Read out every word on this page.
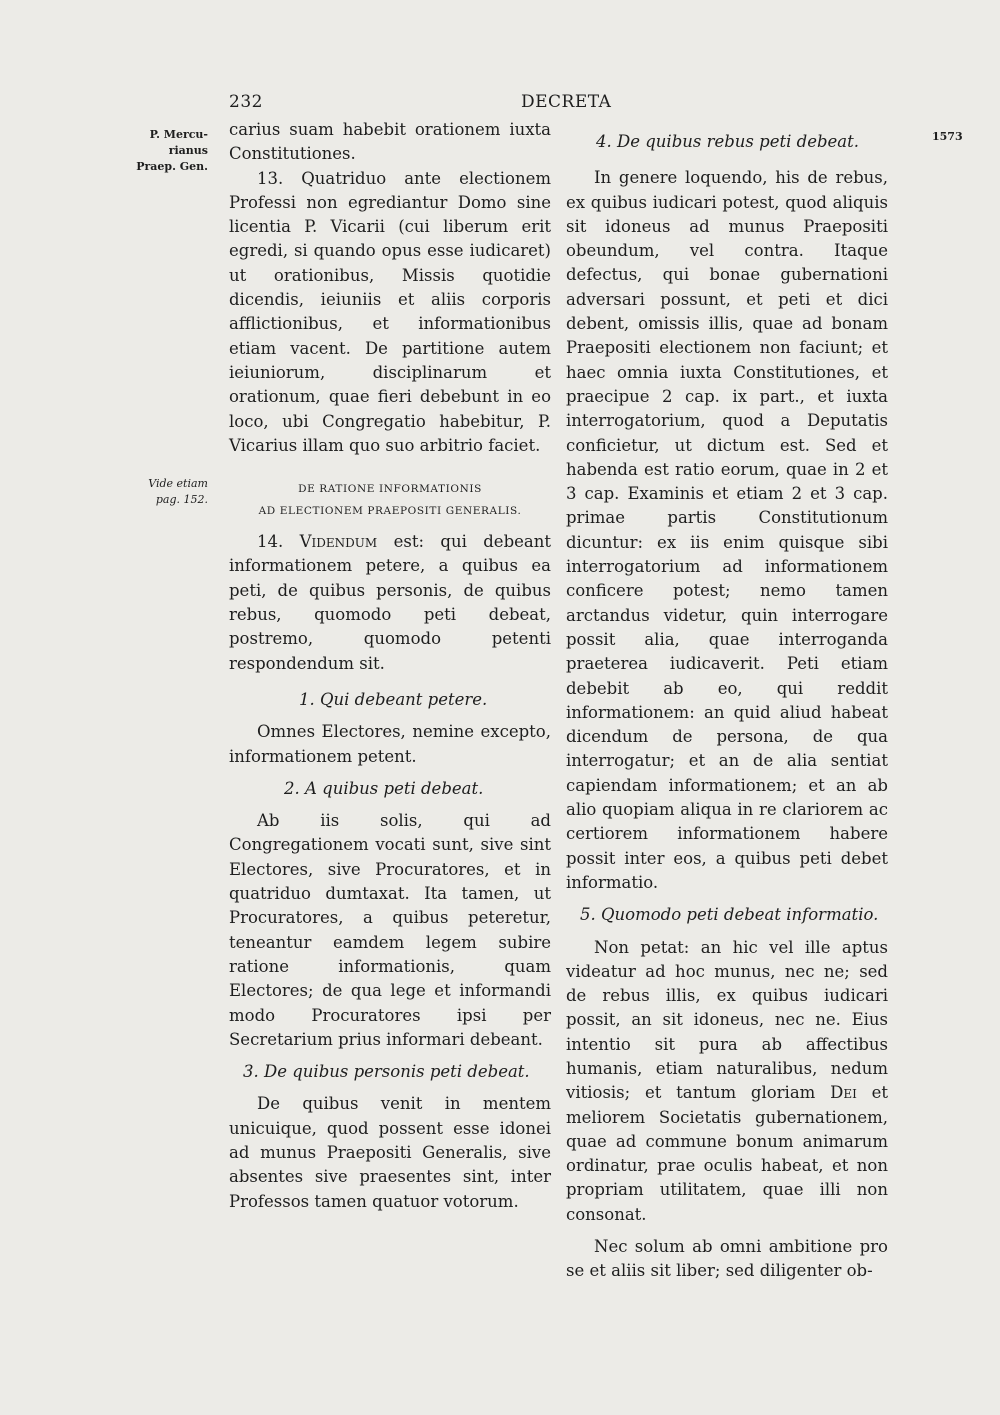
232	DECRETA
P. Mercu-
rianus
Praep. Gen.
Vide etiam
pag. 152.
1573

carius suam habebit orationem iuxta Constitutiones.

13. Quatriduo ante electionem Professi non egrediantur Domo sine licentia P. Vicarii (cui liberum erit egredi, si quando opus esse iudicaret) ut orationibus, Missis quotidie dicendis, ieiuniis et aliis corporis afflictionibus, et informationibus etiam vacent. De partitione autem ieiuniorum, disciplinarum et orationum, quae fieri debebunt in eo loco, ubi Congregatio habebitur, P. Vicarius illam quo suo arbitrio faciet.

DE RATIONE INFORMATIONIS
AD ELECTIONEM PRAEPOSITI GENERALIS.

14. Videndum est: qui debeant informationem petere, a quibus ea peti, de quibus personis, de quibus rebus, quomodo peti debeat, postremo, quomodo petenti respondendum sit.

1. Qui debeant petere.

Omnes Electores, nemine excepto, informationem petent.

2. A quibus peti debeat.

Ab iis solis, qui ad Congregationem vocati sunt, sive sint Electores, sive Procuratores, et in quatriduo dumtaxat. Ita tamen, ut Procuratores, a quibus peteretur, teneantur eamdem legem subire ratione informationis, quam Electores; de qua lege et informandi modo Procuratores ipsi per Secretarium prius informari debeant.

3. De quibus personis peti debeat.

De quibus venit in mentem unicuique, quod possent esse idonei ad munus Praepositi Generalis, sive absentes sive praesentes sint, inter Professos tamen quatuor votorum.

4. De quibus rebus peti debeat.

In genere loquendo, his de rebus, ex quibus iudicari potest, quod aliquis sit idoneus ad munus Praepositi obeundum, vel contra. Itaque defectus, qui bonae gubernationi adversari possunt, et peti et dici debent, omissis illis, quae ad bonam Praepositi electionem non faciunt; et haec omnia iuxta Constitutiones, et praecipue 2 cap. ix part., et iuxta interrogatorium, quod a Deputatis conficietur, ut dictum est. Sed et habenda est ratio eorum, quae in 2 et 3 cap. Examinis et etiam 2 et 3 cap. primae partis Constitutionum dicuntur: ex iis enim quisque sibi interrogatorium ad informationem conficere potest; nemo tamen arctandus videtur, quin interrogare possit alia, quae interroganda praeterea iudicaverit. Peti etiam debebit ab eo, qui reddit informationem: an quid aliud habeat dicendum de persona, de qua interrogatur; et an de alia sentiat capiendam informationem; et an ab alio quopiam aliqua in re clariorem ac certiorem informationem habere possit inter eos, a quibus peti debet informatio.

5. Quomodo peti debeat informatio.

Non petat: an hic vel ille aptus videatur ad hoc munus, nec ne; sed de rebus illis, ex quibus iudicari possit, an sit idoneus, nec ne. Eius intentio sit pura ab affectibus humanis, etiam naturalibus, nedum vitiosis; et tantum gloriam Dei et meliorem Societatis gubernationem, quae ad commune bonum animarum ordinatur, prae oculis habeat, et non propriam utilitatem, quae illi non consonat.

Nec solum ab omni ambitione pro se et aliis sit liber; sed diligenter ob-
